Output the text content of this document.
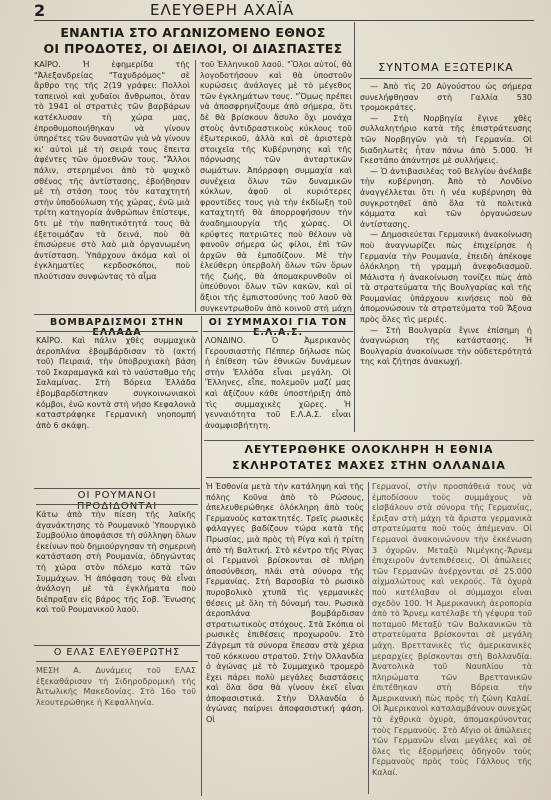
2	ΕΛΕΥΘΕΡΗ ΑΧΑΪΑ
ΕΝΑΝΤΙΑ ΣΤΟ ΑΓΩΝΙΖΟΜΕΝΟ ΕΘΝΟΣ
ΟΙ ΠΡΟΔΟΤΕΣ, ΟΙ ΔΕΙΛΟΙ, ΟΙ ΔΙΑΣΠΑΣΤΕΣ
ΚΑΪΡΟ. Ἡ ἐφημερίδα τῆς "Ἀλεξανδρείας "Ταχυδρόμος" σὲ ἄρθρο της τῆς 2(19 γράφει: Πολλοὶ ταπεινοὶ καὶ χυδαῖοι ἄνθρωποι, ὅταν τὸ 1941 οἱ στρατιὲς τῶν βαρβάρων κατέκλυσαν τὴ χώρα μας, ἐπροθυμοποιήθηκαν νὰ γίνουν ὑπηρέτες τῶν δυναστῶν γιὰ νὰ γίνουν κι' αὐτοὶ μὲ τὴ σειρά τους ἔπειτα ἀφέντες τῶν ὁμοεθνῶν τους. "Ἄλλοι πάλιν, στερημένοι ἀπὸ τὸ ψυχικὸ σθένος τῆς ἀντίστασης, ἐβοήθησαν μὲ τὴ στάση τους τὸν καταχτητή στὴν ὑποδούλωση τῆς χώρας, ἐνῶ μιὰ τρίτη κατηγορία ἀνθρώπων ἐπίστεψε, δτι μὲ τὴν παθητικότητά τους θὰ ἐξετοιμάζαν τὰ δεινά, ποὺ θὰ ἐπισώρευε στὸ λαὸ μιὰ ὀργανωμένη ἀντίσταση. Ὑπάρχουν ἀκόμα καὶ οἱ ἐγκληματίες κερδοσκόποι, ποὺ πλούτισαν συνφώντας τὸ αἷμα
τοῦ Ἑλληνικοῦ λαοῦ. "Ὅλοι αὐτοί, θὰ λογοδοτήσουν καὶ θὰ ὑποστοῦν κυρώσεις ἀνάλογες μὲ τὸ μέγεθος τῶν ἐγκλημάτων τους. "Ὅμως πρέπει νὰ ἀποσφρηνίζουμε ἀπὸ σήμερα, ὅτι δὲ θὰ βρίσκουν ἄσυλο ὄχι μονάχα στοὺς ἀντιδραστικοὺς κύκλους τοῦ ἐξωτερικοῦ, ἀλλὰ καὶ σὲ ἀριστερὰ στοιχεῖα τῆς Κυβέρνησης καὶ τῆς πόρνωσης τῶν ἀνταρτικῶν σωμάτων. Ἀπόρραφη συμμαχία καὶ συνέχεια ὅλων τῶν δυναμικῶν κύκλων, ἀφοῦ οἱ κυριότερες φροντίδες τους γιὰ τὴν ἐκδίωξη τοῦ καταχτητῆ θὰ ἀπορροφήσουν τὴν ἀναδημιουργία τῆς χώρας. Οἱ κρύφτες πατριῶτες ποὺ θέλουν νὰ φανοῦν σήμερα ὡς φίλοι, ἐπὶ τῶν ἀρχῶν θὰ ἐμποδίζουν. Μὲ τὴν ἐλεύθερη ὑπερβολὴ ὅλων τῶν ὅρων τῆς ζωῆς, θὰ ἀπομακρυνθοῦν οἱ ὑπεύθυνοι ὅλων τῶν κακῶν, καὶ οἱ ἄξιοι τῆς ἐμπιστοσύνης τοῦ λαοῦ θὰ συγκεντρωθοῦν ἀπὸ κοινοῦ στὴ μάχη
ΣΥΝΤΟΜΑ ΕΞΩΤΕΡΙΚΑ

— Ἀπὸ τὶς 20 Αὐγούστου ὡς σήμερα συνελήφθησαν στὴ Γαλλία 530 τρομοκράτες.

— Στὴ Νορβηγία ἔγινε χθὲς συλλαλητήριο κατὰ τῆς ἐπιστράτευσης τῶν Νορβηγῶν γιὰ τὴ Γερμανία. Οἱ διαδηλωτὲς ἦταν πάνω ἀπὸ 5.000. Ἡ Γκεστάπο ἀπάντησε μὲ συλλήψεις.

— Ὁ ἀντιβασιλέας τοῦ Βελγίου ἀνέλαβε τὴν κυβέρνηση. Ἀπὸ τὸ Λονδίνο ἀναγγέλλεται ὅτι ἡ νέα κυβέρνηση θὰ συγκροτηθεῖ ἀπὸ ὅλα τὰ πολιτικὰ κόμματα καὶ τῶν ὀργανώσεων ἀντίστασης.

— Δημοσιεύεται Γερμανικὴ ἀνακοίνωση ποὺ ἀναγνωρίζει πὼς ἐπιχείρησε ἡ Γερμανία τὴν Ρουμανία, ἐπειδὴ ἀπέκοψε ὁλόκληρη τὴ γραμμὴ ἀνεφοδιασμοῦ. Μάλιστα ἡ ἀνακοίνωση τονίζει πὼς ἀπὸ τὰ στρατεύματα τῆς Βουλγαρίας καὶ τῆς Ρουμανίας ὑπάρχουν κινήσεις ποὺ θὰ ἀπομονώσουν τὰ στρατεύματα τοῦ Ἄξονα πρὸς ὅλες τὶς μεριές.

— Στὴ Βουλγαρία ἔγινε ἐπίσημη ἡ ἀναγνώριση τῆς κατάστασης. Ἡ Βουλγαρία ἀνακοίνωσε τὴν οὐδετερότητά της καὶ ζήτησε ἀνακωχή.

ΒΟΜΒΑΡΔΙΣΜΟΙ ΣΤΗΝ ΕΛΛΑΔΑ
ΚΑΪΡΟ. Καὶ πάλιν χθὲς συμμαχικὰ ἀεροπλάνα ἐβομβάρδισαν τὸ (ακτή τοῦ) Πειραιά, τὴν ὑποβρυχιακὴ βάση τοῦ Σκαραμαγκᾶ καὶ τὸ ναύσταθμο τῆς Σαλαμίνας. Στὴ Βόρεια Ἑλλάδα ἐβομβαρδίστηκαν συγκοινωνιακοὶ κόμβοι, ἐνῶ κοντὰ στὴ νῆσο Κεφαλονιὰ καταστράφηκε Γερμανικὴ νηοπομπή ἀπὸ 6 σκάφη.
ΟΙ ΣΥΜΜΑΧΟΙ ΓΙΑ ΤΟΝ Ε.Λ.Α.Σ.
ΛΟΝΔΙΝΟ. Ὁ Ἀμερικανὸς Γερουσιαστὴς Πέππερ δήλωσε πὼς ἡ ἐπίθεση τῶν ἐθνικῶν δυνάμεων στὴν Ἑλλάδα εἶναι μεγάλη. Οἱ Ἕλληνες, εἶπε, πολεμοῦν μαζί μας καὶ ἀξίζουν κάθε ὑποστήριξη ἀπὸ τὶς συμμαχικὲς χῶρες. Ἡ γενναιότητα τοῦ Ε.Λ.Α.Σ. εἶναι ἀναμφισβήτητη.
ΟΙ ΡΟΥΜΑΝΟΙ ΠΡΟΔΙΔΟΝΤΑΙ
Κάτω ἀπὸ τὴν πίεση τῆς λαϊκῆς ἀγανάκτησης τὸ Ρουμανικὸ Ὑπουργικὸ Συμβούλιο ἀποφάσισε τὴ σύλληψη ὅλων ἐκείνων ποὺ δημιούργησαν τὴ σημερινὴ κατάσταση στὴ Ρουμανία, ὁδηγώντας τὴ χώρα στὸν πόλεμο κατὰ τῶν Συμμάχων. Ἡ ἀπόφαση τους θὰ εἶναι ἀνάλογη μὲ τὰ ἐγκλήματα ποὺ διέπραξαν εἰς βάρος τῆς Σοβ. Ἕνωσης καὶ τοῦ Ρουμανικοῦ λαοῦ.
Ο ΕΛΑΣ ΕΛΕΥΘΕΡΩΤΗΣ
ΜΕΣΗ Α. Δυνάμεις τοῦ ΕΛΑΣ ἐξεκαθάρισαν τὴ Σιδηροδρομικὴ τῆς Ἀιτωλικῆς Μακεδονίας. Στὸ 16ο τοῦ λεουτερώθηκε ἡ Κεφαλληνία.
ΛΕΥΤΕΡΩΘΗΚΕ ΟΛΟΚΛΗΡΗ Η ΕΘΝΙΑ
ΣΚΛΗΡΟΤΑΤΕΣ ΜΑΧΕΣ ΣΤΗΝ ΟΛΛΑΝΔΙΑ
Ἡ Ἐσθονία μετὰ τὴν κατάληψη καὶ τῆς πόλης Κοῦνα ἀπὸ τὸ Ρώσους, ἀπελευθερώθηκε ὁλόκληρη ἀπὸ τοὺς Γερμανοὺς κατακτητές. Τρεῖς ρωσικὲς φάλαγγες βαδίζουν τώρα κατὰ τῆς Πρωσίας, μιὰ πρὸς τὴ Ρίγα καὶ ἡ τρίτη ἀπὸ τὴ Βαλτική. Στὸ κέντρο τῆς Ρίγας οἱ Γερμανοὶ βρίσκονται σὲ πλήρη ἀποσύνθεση, πλάι στὰ σύνορα τῆς Γερμανίας. Στὴ Βαρσοβία τὸ ρωσικὸ πυροβολικὸ χτυπᾶ τὶς γερμανικὲς θέσεις μὲ ὅλη τὴ δύναμή του. Ρωσικὰ ἀεροπλάνα βομβάρδισαν στρατιωτικοὺς στόχους. Στὰ Σκόπια οἱ ρωσικὲς ἐπιθέσεις προχωροῦν. Στὸ Ζάγρεμπ τὰ σύνορα ἔπεσαν στὰ χέρια τοῦ κόκκινου στρατοῦ. Στὴν Ὀλλανδία ὁ ἀγώνας μὲ τὸ Συμμαχικὸ τρομερὸ ἔχει πάρει πολὺ μεγάλες διαστάσεις καὶ ὅλα ὅσα θὰ γίνουν ἐκεῖ εἶναι ἀποφασιστικά. Στὴν Ὀλλανδία ὁ ἀγώνας παίρνει ἀποφασιστική φάση. Οἱ
Γερμανοί, στὴν προσπάθειά τους νὰ ἐμποδίσουν τοὺς συμμάχους νὰ εἰσβάλουν στὰ σύνορα τῆς Γερμανίας, ἔριξαν στὴ μάχη τὰ ἄριστα γερμανικὰ στρατεύματα ποὺ τοὺς ἀπέμεναν. Οἱ Γερμανοὶ ἀνακοινώνουν τὴν ἐκκένωση 3 ὀχυρῶν. Μεταξὺ Νιμέγκης-Ἄρνεμ ἐπιχειροῦν ἀντεπιθέσεις. Οἱ ἀπώλειες τῶν Γερμανῶν ἀνέρχονται σὲ 25.000 αἰχμαλώτους καὶ νεκρούς. Τὰ ὀχυρὰ ποὺ κατέλαβαν οἱ σύμμαχοι εἶναι σχεδὸν 100. Ἡ Ἀμερικανικὴ ἀεροπορία ἀπὸ τὸ Ἄρνεμ κατέλαβε τὴ γέφυρα τοῦ ποταμοῦ Μεταξὺ τῶν Βαλκανικῶν τὰ στρατεύματα βρίσκονται σὲ μεγάλη μάχη. Βρεττανικὲς τὶς ἀμερικανικὲς μεραρχίες βρίσκονται στὴ Βολλανδία. Ἀνατολικὰ τοῦ Ναυπλίου τὰ πληρώματα τῶν Βρεττανικῶν ἐπιτέθηκαν στὴ Βόρεια τὴν Ἀμερικανικὴ πὼς πρὸς τὴ ζώνη Καλαί. Οἱ Ἀμερικανοὶ καταλαμβάνουν συνεχῶς τὰ ἐχθρικὰ ὀχυρὰ, ἀπομακρύνοντας τοὺς Γερμανοὺς. Στὸ Αἴγιο οἱ ἀπώλειες τῶν Γερμανῶν εἶναι μεγάλες καὶ σὲ ὅλες τὶς ἐξορμήσεις ὁδηγοῦν τοὺς Γερμανοὺς πρὸς τοὺς Γάλλους τῆς Καλαί.
